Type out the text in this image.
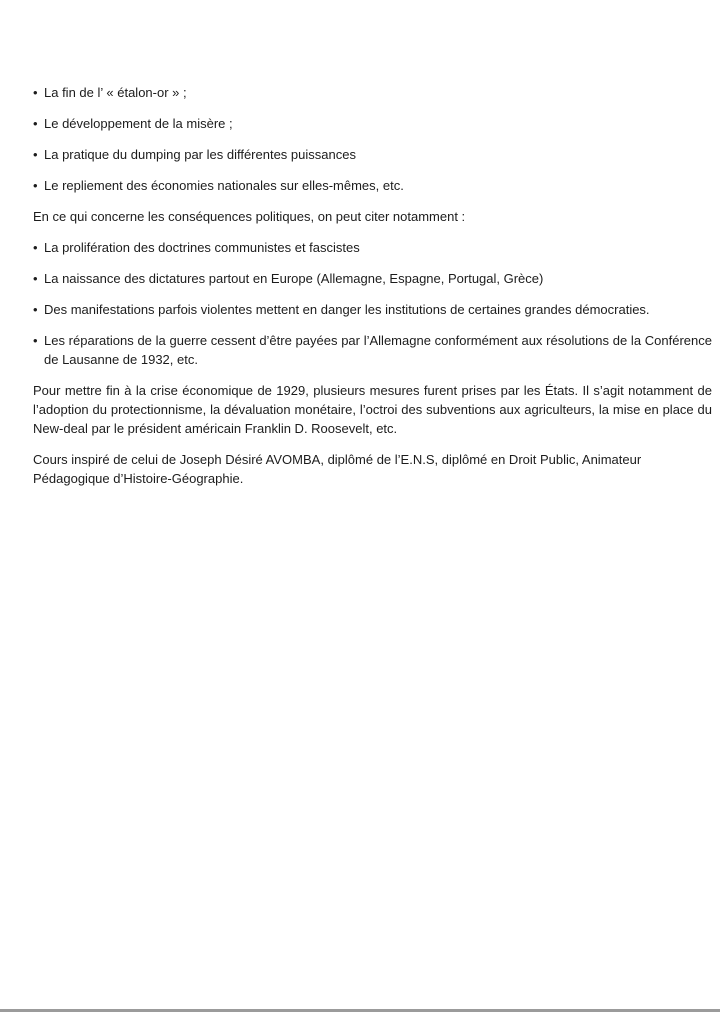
• La fin de l’ « étalon-or » ;

• Le développement de la misère ;

• La pratique du dumping par les différentes puissances

• Le repliement des économies nationales sur elles-mêmes, etc.

En ce qui concerne les conséquences politiques, on peut citer notamment :

• La prolifération des doctrines communistes et fascistes

• La naissance des dictatures partout en Europe (Allemagne, Espagne, Portugal, Grèce)

• Des manifestations parfois violentes mettent en danger les institutions de certaines grandes démocraties.

• Les réparations de la guerre cessent d’être payées par l’Allemagne conformément aux résolutions de la Conférence de Lausanne de 1932, etc.

Pour mettre fin à la crise économique de 1929, plusieurs mesures furent prises par les États. Il s’agit notamment de l’adoption du protectionnisme, la dévaluation monétaire, l’octroi des subventions aux agriculteurs, la mise en place du New-deal par le président américain Franklin D. Roosevelt, etc.

Cours inspiré de celui de Joseph Désiré AVOMBA, diplômé de l’E.N.S, diplômé en Droit Public, Animateur Pédagogique d’Histoire-Géographie.
